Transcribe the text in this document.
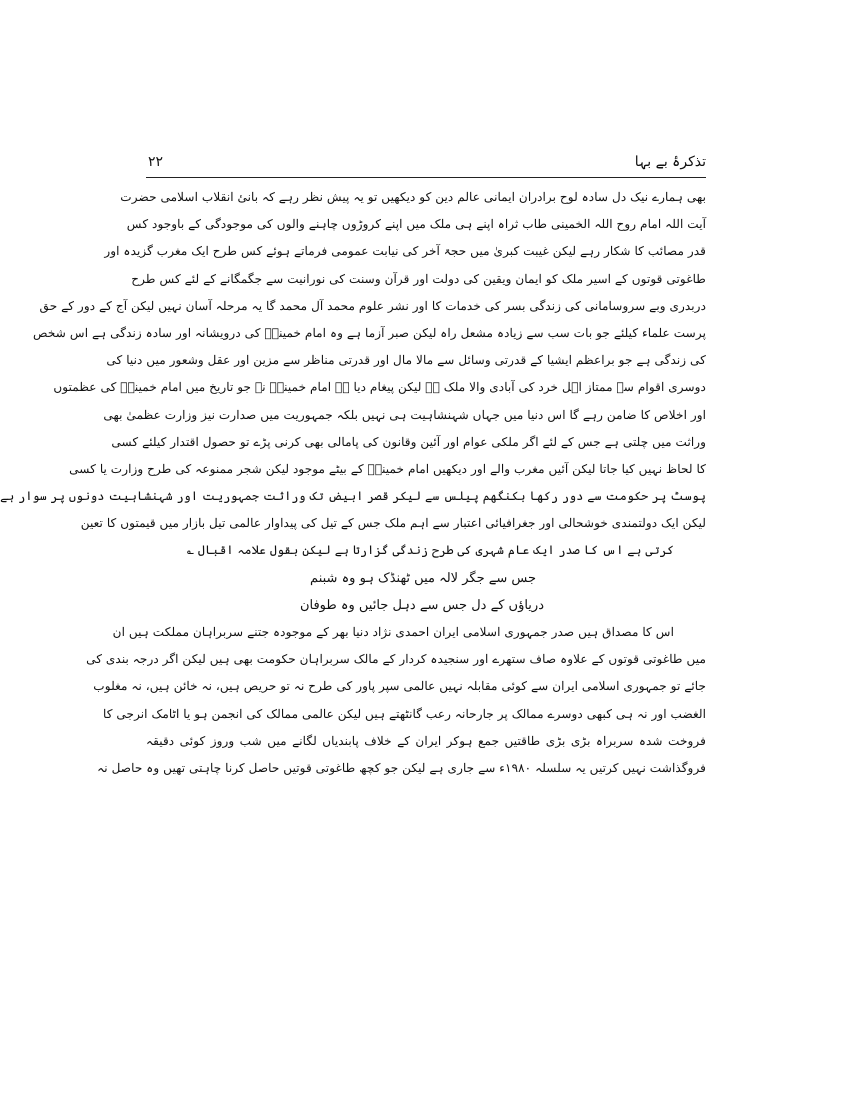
تذکرۂ بے بہا
۲۲
بھی ہمارے نیک دل سادہ لوح برادران ایمانی عالم دین کو دیکھیں تو یہ پیش نظر رہے کہ بانئ انقلاب اسلامی حضرت
آیت اللہ امام روح اللہ الخمینی طاب ثراہ اپنے ہی ملک میں اپنے کروڑوں چاہنے والوں کی موجودگی کے باوجود کس
قدر مصائب کا شکار رہے لیکن غیبت کبریٰ میں حجۃ آخر کی نیابت عمومی فرماتے ہوئے کس طرح ایک مغرب گزیدہ اور
طاغوتی قوتوں کے اسیر ملک کو ایمان ویقین کی دولت اور قرآن وسنت کی نورانیت سے جگمگانے کے لئے کس طرح
دربدری وبے سروسامانی کی زندگی بسر کی خدمات کا اور نشر علوم محمد آل محمد گا یہ مرحلہ آسان نہیں لیکن آج کے دور کے حق
پرست علماء کیلئے جو بات سب سے زیادہ مشعل راہ لیکن صبر آزما ہے وہ امام خمینیؒ کی درویشانہ اور سادہ زندگی ہے اس شخص
کی زندگی ہے جو براعظم ایشیا کے قدرتی وسائل سے مالا مال اور قدرتی مناظر سے مزین اور عقل وشعور میں دنیا کی
دوسری اقوام سے ممتاز اہل خرد کی آبادی والا ملک ہے لیکن پیغام دیا ہے امام خمینیؒ نے جو تاریخ میں امام خمینیؒ کی عظمتوں
اور اخلاص کا ضامن رہے گا اس دنیا میں جہاں شہنشاہیت ہی نہیں بلکہ جمہوریت میں صدارت نیز وزارت عظمیٰ بھی
وراثت میں چلتی ہے جس کے لئے اگر ملکی عوام اور آئین وقانون کی پامالی بھی کرنی پڑے تو حصول اقتدار کیلئے کسی
کا لحاظ نہیں کیا جاتا لیکن آئیں مغرب والے اور دیکھیں امام خمینیؒ کے بیٹے موجود لیکن شجر ممنوعہ کی طرح وزارت یا کسی
پوسٹ پر حکومت سے دور رکھا بکنگھم پیلس سے لیکر قصر ابیض تک وراثت جمہوریت اور شہنشاہیت دونوں پر سوار ہے
لیکن ایک دولتمندی خوشحالی اور جغرافیائی اعتبار سے اہم ملک جس کے تیل کی پیداوار عالمی تیل بازار میں قیمتوں کا تعین
کرتی ہے اس کا صدر ایک عام شہری کی طرح زندگی گزارتا ہے لیکن بقول علامہ اقبال ؎
جس سے جگر لالہ میں ٹھنڈک ہو وہ شبنم
دریاؤں کے دل جس سے دہل جائیں وہ طوفان
اس کا مصداق ہیں صدر جمہوری اسلامی ایران احمدی نژاد دنیا بھر کے موجودہ جتنے سربراہان مملکت ہیں ان
میں طاغوتی قوتوں کے علاوہ صاف ستھرے اور سنجیدہ کردار کے مالک سربراہان حکومت بھی ہیں لیکن اگر درجہ بندی کی
جائے تو جمہوری اسلامی ایران سے کوئی مقابلہ نہیں عالمی سپر پاور کی طرح نہ تو حریص ہیں، نہ خائن ہیں، نہ مغلوب
الغضب اور نہ ہی کبھی دوسرے ممالک پر جارحانہ رعب گانٹھتے ہیں لیکن عالمی ممالک کی انجمن ہو یا اٹامک انرجی کا
فروخت شدہ سربراہ بڑی بڑی طاقتیں جمع ہوکر ایران کے خلاف پابندیاں لگانے میں شب وروز کوئی دقیقہ
فروگذاشت نہیں کرتیں یہ سلسلہ ۱۹۸۰ء سے جاری ہے لیکن جو کچھ طاغوتی قوتیں حاصل کرنا چاہتی تھیں وہ حاصل نہ
